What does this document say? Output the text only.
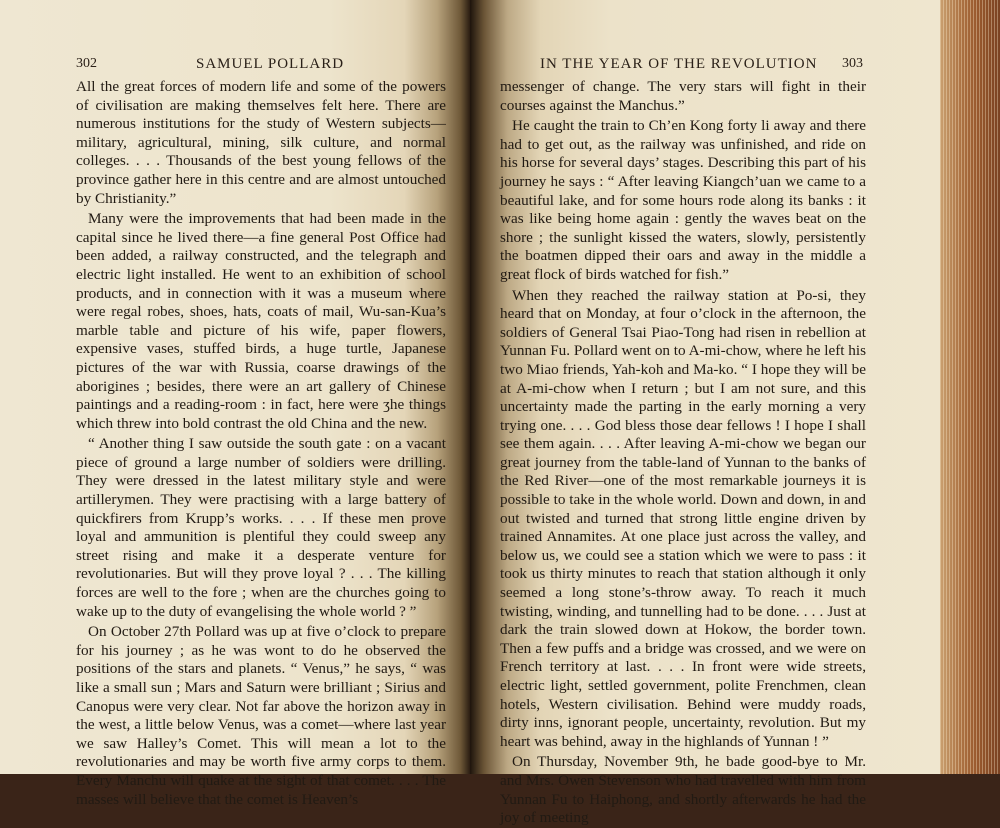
302	SAMUEL POLLARD

All the great forces of modern life and some of the powers of civilisation are making themselves felt here. There are numerous institutions for the study of Western subjects—military, agricultural, mining, silk culture, and normal colleges. . . . Thousands of the best young fellows of the province gather here in this centre and are almost untouched by Christianity.”

Many were the improvements that had been made in the capital since he lived there—a fine general Post Office had been added, a railway constructed, and the telegraph and electric light installed. He went to an exhibition of school products, and in connection with it was a museum where were regal robes, shoes, hats, coats of mail, Wu-san-Kua’s marble table and picture of his wife, paper flowers, expensive vases, stuffed birds, a huge turtle, Japanese pictures of the war with Russia, coarse drawings of the aborigines ; besides, there were an art gallery of Chinese paintings and a reading-room : in fact, here were ʒhe things which threw into bold contrast the old China and the new.

“ Another thing I saw outside the south gate : on a vacant piece of ground a large number of soldiers were drilling. They were dressed in the latest military style and were artillerymen. They were practising with a large battery of quickfirers from Krupp’s works. . . . If these men prove loyal and ammunition is plentiful they could sweep any street rising and make it a desperate venture for revolutionaries. But will they prove loyal ? . . . The killing forces are well to the fore ; when are the churches going to wake up to the duty of evangelising the whole world ? ”

On October 27th Pollard was up at five o’clock to prepare for his journey ; as he was wont to do he observed the positions of the stars and planets. “ Venus,” he says, “ was like a small sun ; Mars and Saturn were brilliant ; Sirius and Canopus were very clear. Not far above the horizon away in the west, a little below Venus, was a comet—where last year we saw Halley’s Comet. This will mean a lot to the revolutionaries and may be worth five army corps to them. Every Manchu will quake at the sight of that comet. . . . The masses will believe that the comet is Heaven’s

IN THE YEAR OF THE REVOLUTION 303

messenger of change. The very stars will fight in their courses against the Manchus.”

He caught the train to Ch’en Kong forty li away and there had to get out, as the railway was unfinished, and ride on his horse for several days’ stages. Describing this part of his journey he says : “ After leaving Kiangch’uan we came to a beautiful lake, and for some hours rode along its banks : it was like being home again : gently the waves beat on the shore ; the sunlight kissed the waters, slowly, persistently the boatmen dipped their oars and away in the middle a great flock of birds watched for fish.”

When they reached the railway station at Po-si, they heard that on Monday, at four o’clock in the afternoon, the soldiers of General Tsai Piao-Tong had risen in rebellion at Yunnan Fu. Pollard went on to A-mi-chow, where he left his two Miao friends, Yah-koh and Ma-ko. “ I hope they will be at A-mi-chow when I return ; but I am not sure, and this uncertainty made the parting in the early morning a very trying one. . . . God bless those dear fellows ! I hope I shall see them again. . . . After leaving A-mi-chow we began our great journey from the table-land of Yunnan to the banks of the Red River—one of the most remarkable journeys it is possible to take in the whole world. Down and down, in and out twisted and turned that strong little engine driven by trained Annamites. At one place just across the valley, and below us, we could see a station which we were to pass : it took us thirty minutes to reach that station although it only seemed a long stone’s-throw away. To reach it much twisting, winding, and tunnelling had to be done. . . . Just at dark the train slowed down at Hokow, the border town. Then a few puffs and a bridge was crossed, and we were on French territory at last. . . . In front were wide streets, electric light, settled government, polite Frenchmen, clean hotels, Western civilisation. Behind were muddy roads, dirty inns, ignorant people, uncertainty, revolution. But my heart was behind, away in the highlands of Yunnan ! ”

On Thursday, November 9th, he bade good-bye to Mr. and Mrs. Owen Stevenson who had travelled with him from Yunnan Fu to Haiphong, and shortly afterwards he had the joy of meeting
